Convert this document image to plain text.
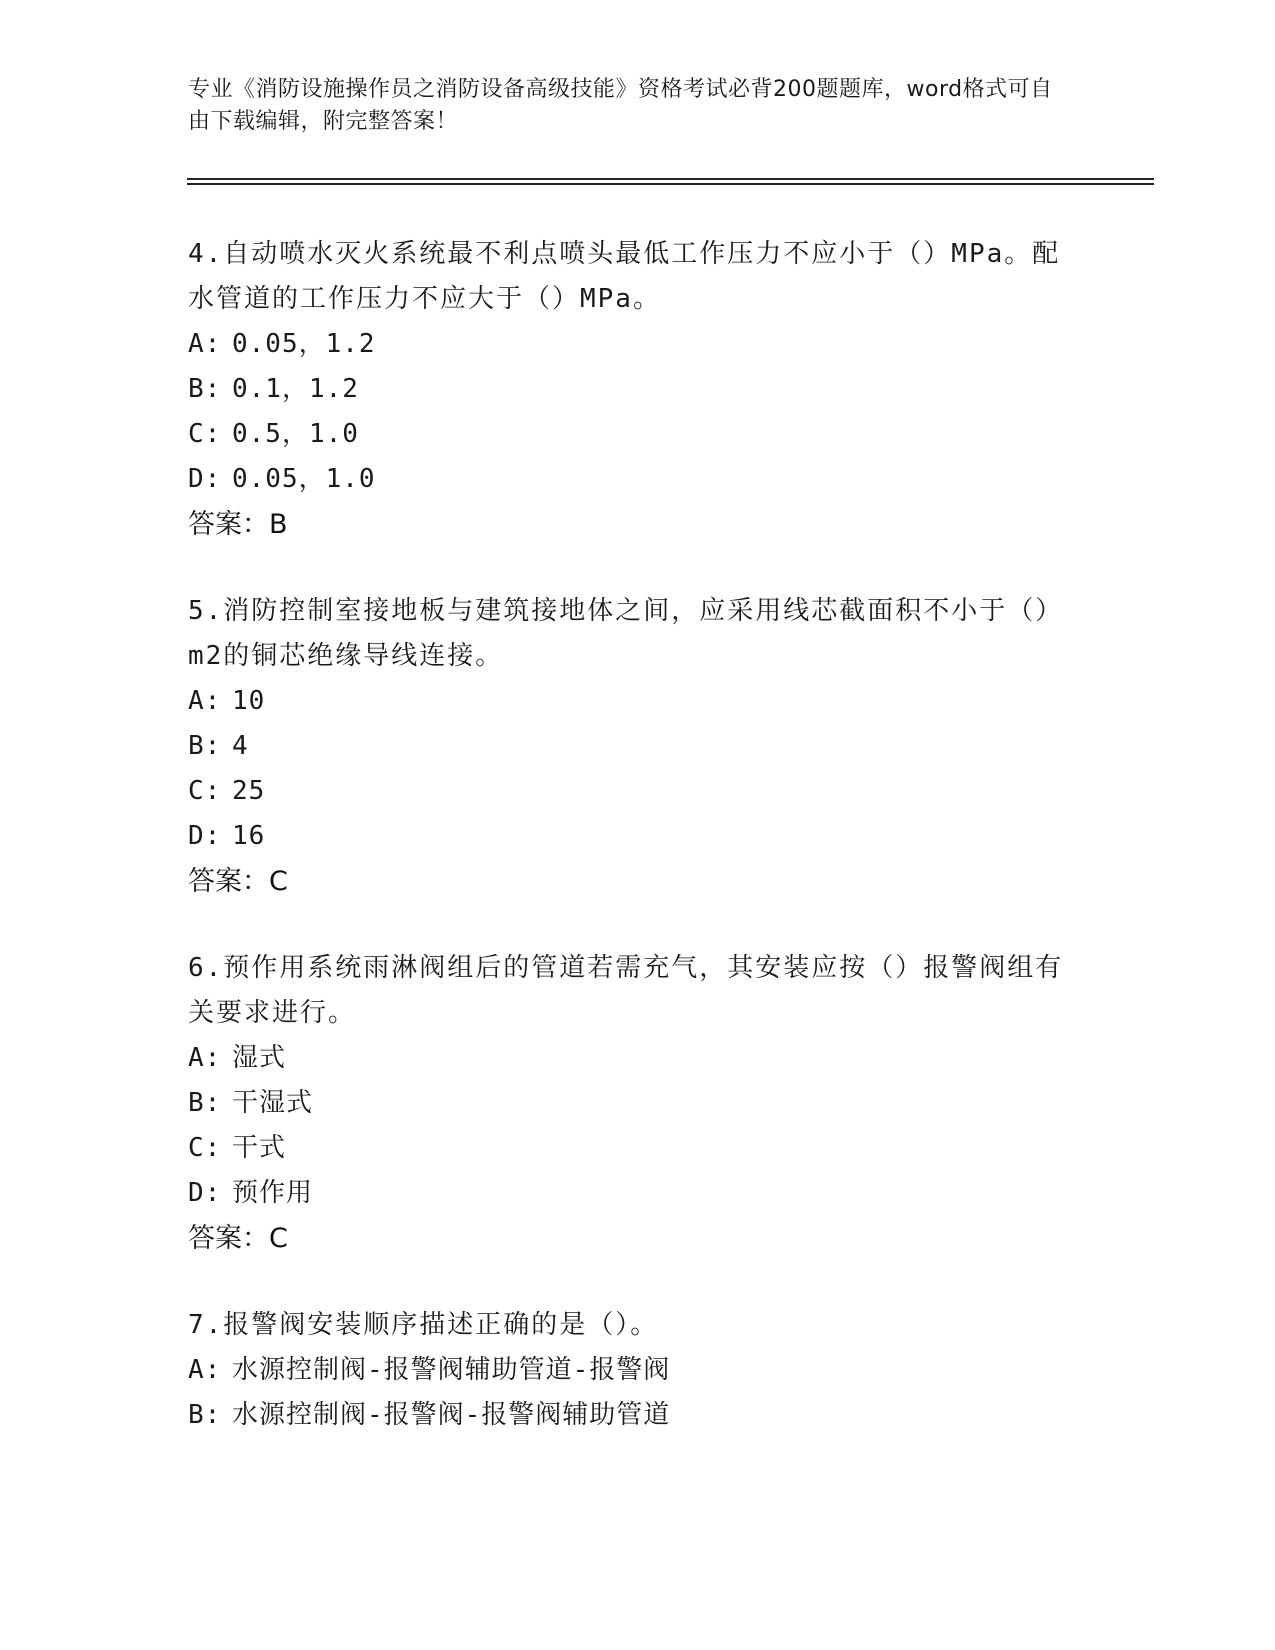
专业《消防设施操作员之消防设备高级技能》资格考试必背200题题库，word格式可自由下载编辑，附完整答案！

4.自动喷水灭火系统最不利点喷头最低工作压力不应小于（）MPa。配水管道的工作压力不应大于（）MPa。

A: 0.05，1.2
B: 0.1，1.2
C: 0.5，1.0
D: 0.05，1.0
答案：B

5.消防控制室接地板与建筑接地体之间，应采用线芯截面积不小于（）m2的铜芯绝缘导线连接。

A: 10
B: 4
C: 25
D: 16
答案：C

6.预作用系统雨淋阀组后的管道若需充气，其安装应按（）报警阀组有关要求进行。

A: 湿式
B: 干湿式
C: 干式
D: 预作用
答案：C

7.报警阀安装顺序描述正确的是（）。

A: 水源控制阀-报警阀辅助管道-报警阀
B: 水源控制阀-报警阀-报警阀辅助管道
